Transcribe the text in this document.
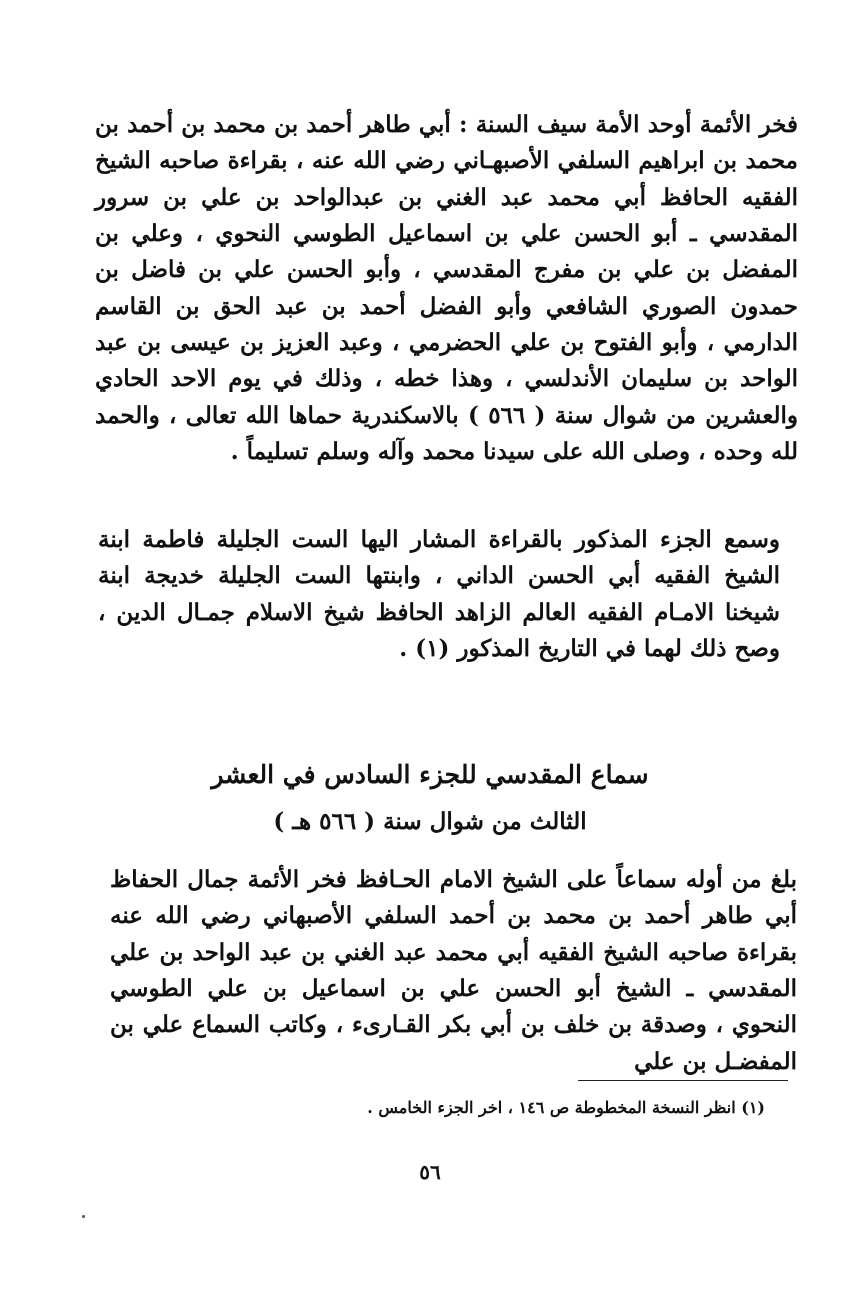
فخر الأئمة أوحد الأمة سيف السنة : أبي طاهر أحمد بن محمد بن أحمد بن محمد بن ابراهيم السلفي الأصبهـاني رضي الله عنه ، بقراءة صاحبه الشيخ الفقيه الحافظ أبي محمد عبد الغني بن عبدالواحد بن علي بن سرور المقدسي ـ أبو الحسن علي بن اسماعيل الطوسي النحوي ، وعلي بن المفضل بن علي بن مفرج المقدسي ، وأبو الحسن علي بن فاضل بن حمدون الصوري الشافعي وأبو الفضل أحمد بن عبد الحق بن القاسم الدارمي ، وأبو الفتوح بن علي الحضرمي ، وعبد العزيز بن عيسى بن عبد الواحد بن سليمان الأندلسي ، وهذا خطه ، وذلك في يوم الاحد الحادي والعشرين من شوال سنة ( ٥٦٦ ) بالاسكندرية حماها الله تعالى ، والحمد لله وحده ، وصلى الله على سيدنا محمد وآله وسلم تسليماً .

وسمع الجزء المذكور بالقراءة المشار اليها الست الجليلة فاطمة ابنة الشيخ الفقيه أبي الحسن الداني ، وابنتها الست الجليلة خديجة ابنة شيخنا الامـام الفقيه العالم الزاهد الحافظ شيخ الاسلام جمـال الدين ، وصح ذلك لهما في التاريخ المذكور (١) .

سماع المقدسي للجزء السادس في العشر
الثالث من شوال سنة ( ٥٦٦ هـ )

بلغ من أوله سماعاً على الشيخ الامام الحـافظ فخر الأئمة جمال الحفاظ أبي طاهر أحمد بن محمد بن أحمد السلفي الأصبهاني رضي الله عنه بقراءة صاحبه الشيخ الفقيه أبي محمد عبد الغني بن عبد الواحد بن علي المقدسي ـ الشيخ أبو الحسن علي بن اسماعيل بن علي الطوسي النحوي ، وصدقة بن خلف بن أبي بكر القـارىء ، وكاتب السماع علي بن المفضـل بن علي

(١) انظر النسخة المخطوطة ص ١٤٦ ، اخر الجزء الخامس .

٥٦
